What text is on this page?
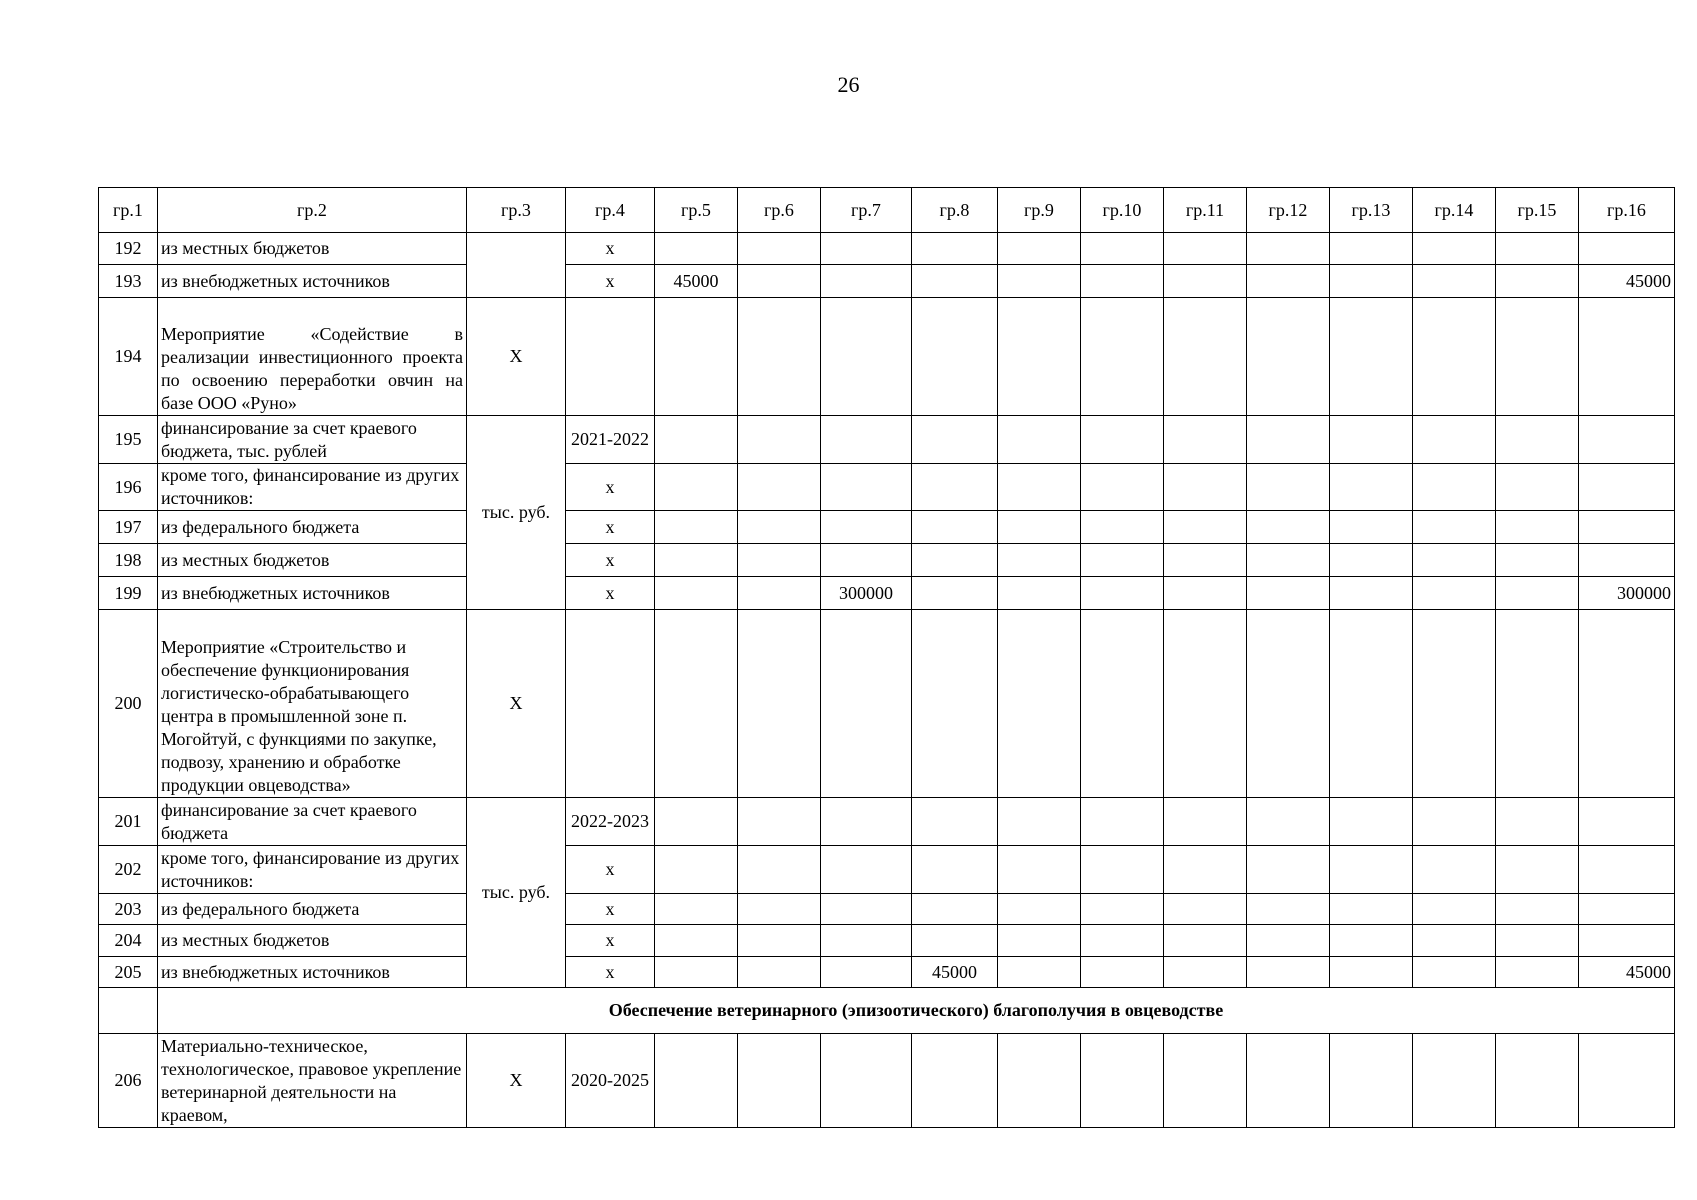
26
гр.1	гр.2	гр.3	гр.4	гр.5	гр.6	гр.7	гр.8	гр.9	гр.10	гр.11	гр.12	гр.13	гр.14	гр.15	гр.16
192	из местных бюджетов		х												
193	из внебюджетных источников		х	45000											45000
194	Мероприятие «Содействие в реализации инвестиционного проекта по освоению переработки овчин на базе ООО «Руно»	Х													
195	финансирование за счет краевого бюджета, тыс. рублей	тыс. руб.	2021-2022												
196	кроме того, финансирование из других источников:		х												
197	из федерального бюджета		х												
198	из местных бюджетов		х												
199	из внебюджетных источников		х			300000									300000
200	Мероприятие «Строительство и обеспечение функционирования логистическо-обрабатывающего центра в промышленной зоне п. Могойтуй, с функциями по закупке, подвозу, хранению и обработке продукции овцеводства»	Х													
201	финансирование за счет краевого бюджета	тыс. руб.	2022-2023												
202	кроме того, финансирование из других источников:		х												
203	из федерального бюджета		х												
204	из местных бюджетов		х												
205	из внебюджетных источников		х				45000								45000
	Обеспечение ветеринарного (эпизоотического) благополучия в овцеводстве														
206	Материально-техническое, технологическое, правовое укрепление ветеринарной деятельности на краевом,	Х	2020-2025												
